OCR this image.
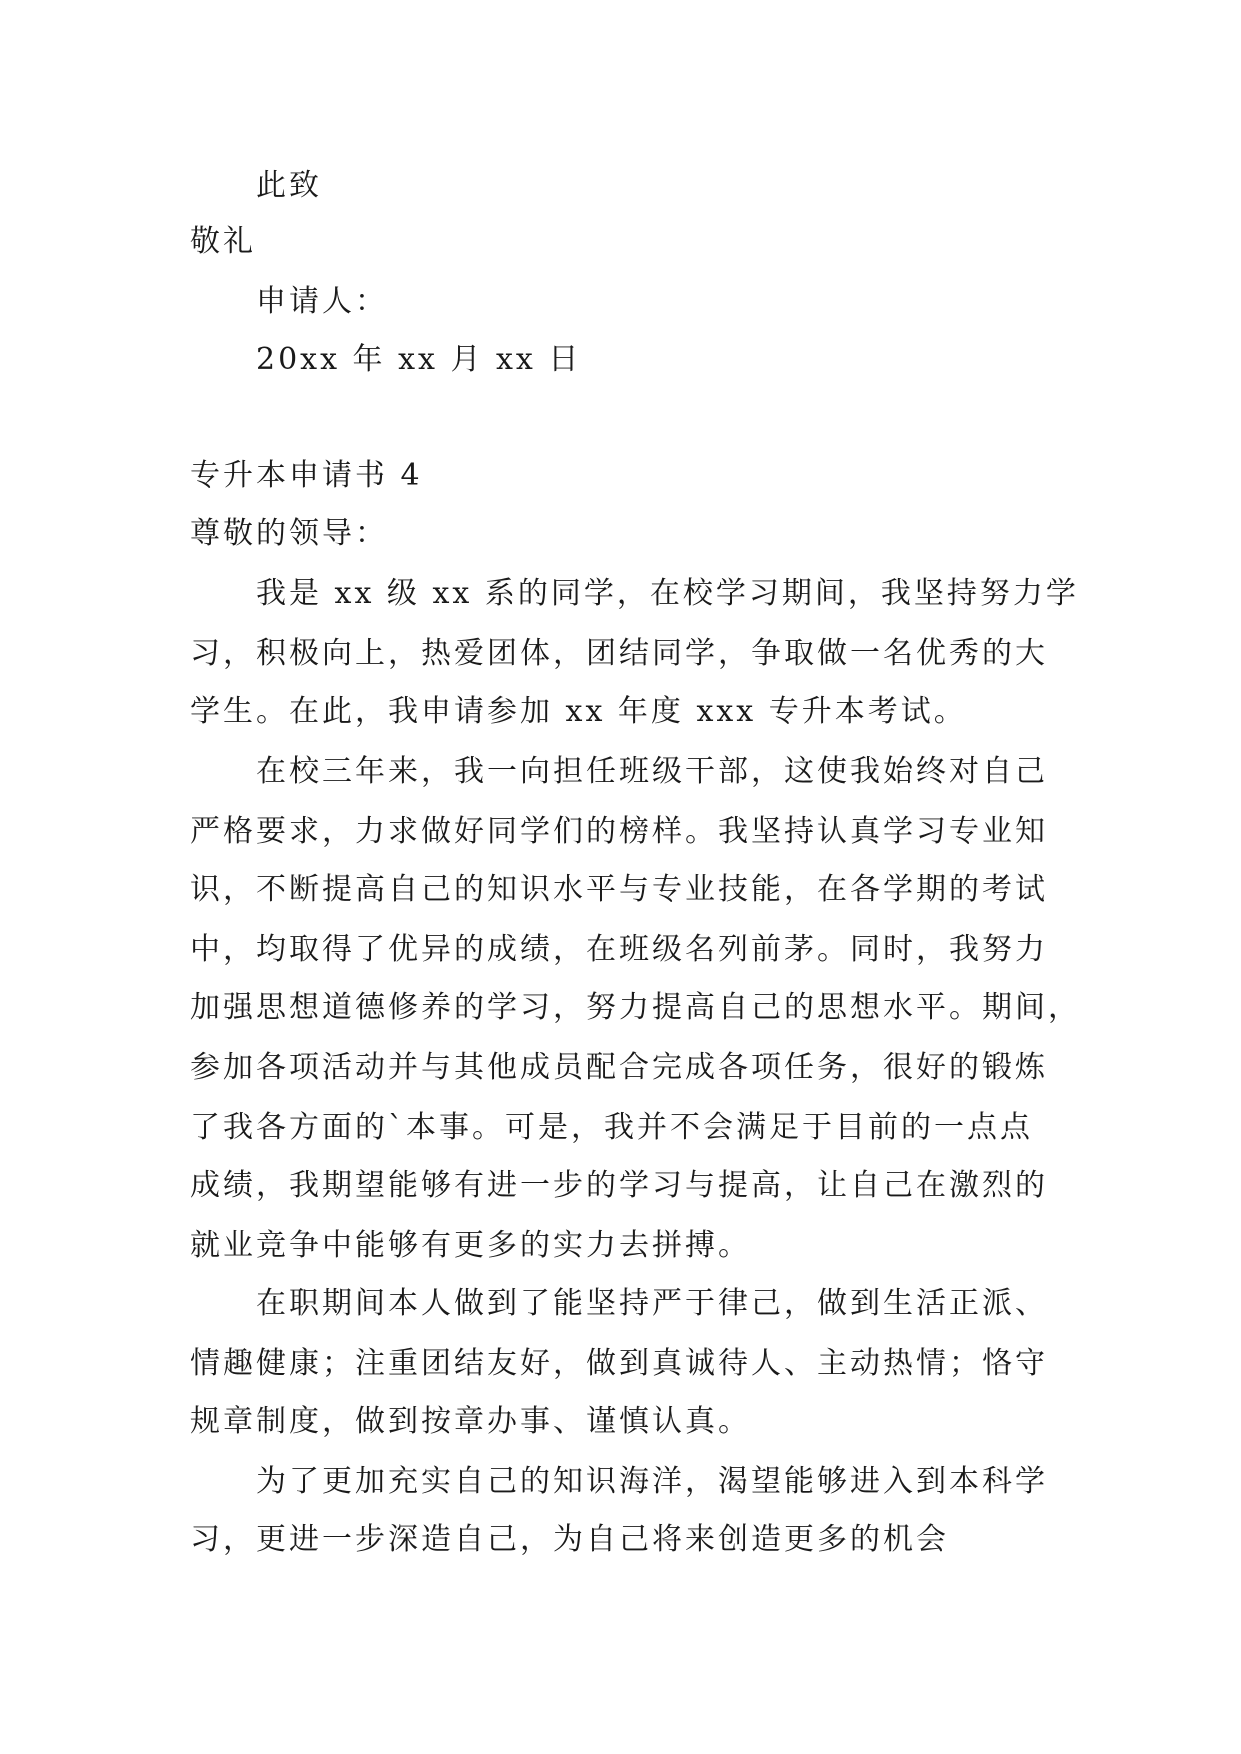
此致
敬礼
申请人：
20xx 年 xx 月 xx 日
专升本申请书 4
尊敬的领导：
我是 xx 级 xx 系的同学，在校学习期间，我坚持努力学
习，积极向上，热爱团体，团结同学，争取做一名优秀的大
学生。在此，我申请参加 xx 年度 xxx 专升本考试。
在校三年来，我一向担任班级干部，这使我始终对自己
严格要求，力求做好同学们的榜样。我坚持认真学习专业知
识，不断提高自己的知识水平与专业技能，在各学期的考试
中，均取得了优异的成绩，在班级名列前茅。同时，我努力
加强思想道德修养的学习，努力提高自己的思想水平。期间，
参加各项活动并与其他成员配合完成各项任务，很好的锻炼
了我各方面的`本事。可是，我并不会满足于目前的一点点
成绩，我期望能够有进一步的学习与提高，让自己在激烈的
就业竞争中能够有更多的实力去拼搏。
在职期间本人做到了能坚持严于律己，做到生活正派、
情趣健康；注重团结友好，做到真诚待人、主动热情；恪守
规章制度，做到按章办事、谨慎认真。
为了更加充实自己的知识海洋，渴望能够进入到本科学
习，更进一步深造自己，为自己将来创造更多的机会
